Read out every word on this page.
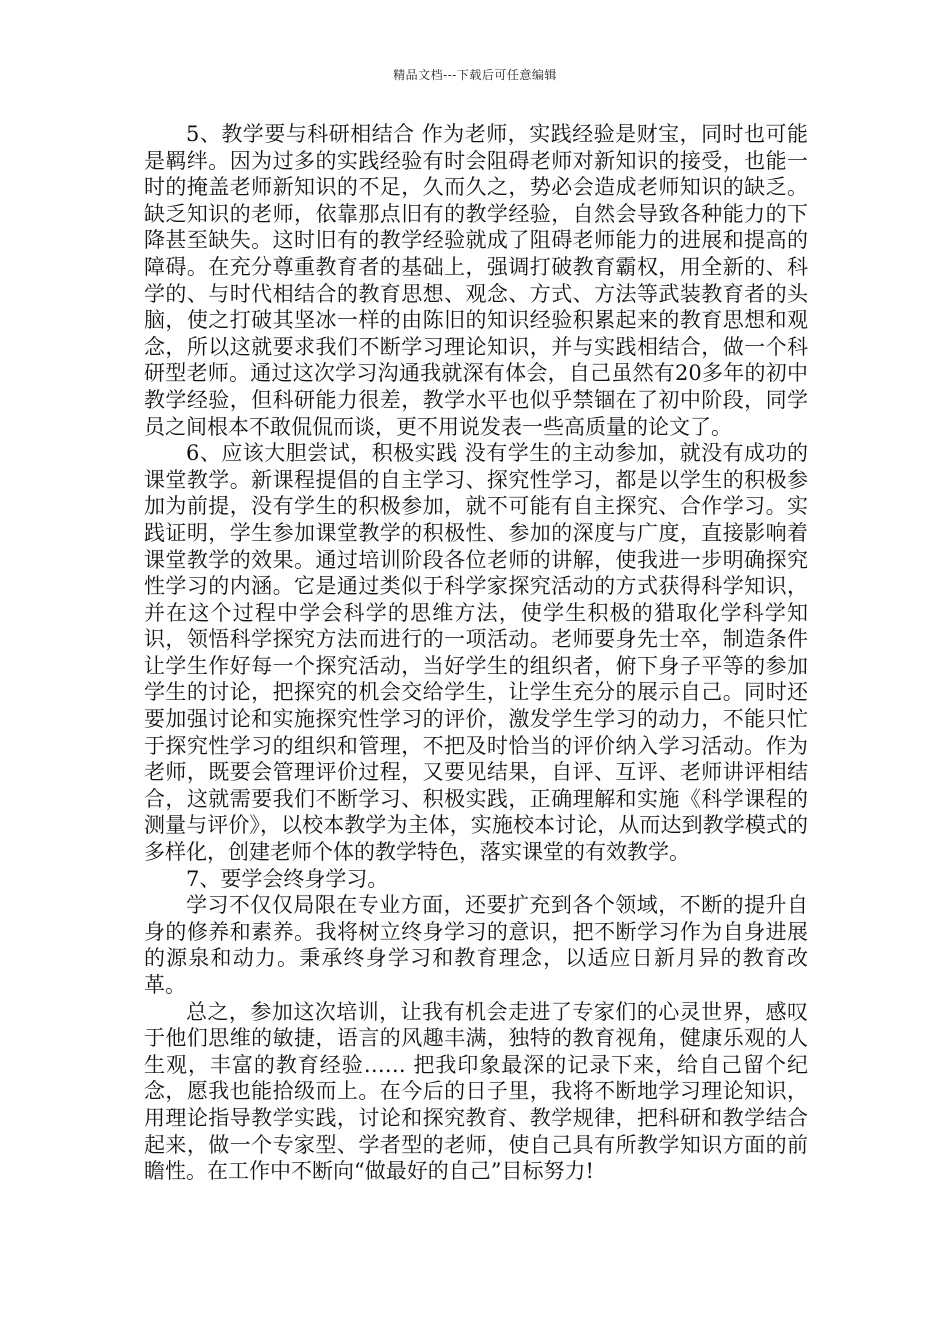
精品文档---下载后可任意编辑

5、教学要与科研相结合 作为老师，实践经验是财宝，同时也可能是羁绊。因为过多的实践经验有时会阻碍老师对新知识的接受，也能一时的掩盖老师新知识的不足，久而久之，势必会造成老师知识的缺乏。缺乏知识的老师，依靠那点旧有的教学经验，自然会导致各种能力的下降甚至缺失。这时旧有的教学经验就成了阻碍老师能力的进展和提高的障碍。在充分尊重教育者的基础上，强调打破教育霸权，用全新的、科学的、与时代相结合的教育思想、观念、方式、方法等武装教育者的头脑，使之打破其坚冰一样的由陈旧的知识经验积累起来的教育思想和观念，所以这就要求我们不断学习理论知识，并与实践相结合，做一个科研型老师。通过这次学习沟通我就深有体会，自己虽然有20多年的初中教学经验，但科研能力很差，教学水平也似乎禁锢在了初中阶段，同学员之间根本不敢侃侃而谈，更不用说发表一些高质量的论文了。

6、应该大胆尝试，积极实践 没有学生的主动参加，就没有成功的课堂教学。新课程提倡的自主学习、探究性学习，都是以学生的积极参加为前提，没有学生的积极参加，就不可能有自主探究、合作学习。实践证明，学生参加课堂教学的积极性、参加的深度与广度，直接影响着课堂教学的效果。通过培训阶段各位老师的讲解，使我进一步明确探究性学习的内涵。它是通过类似于科学家探究活动的方式获得科学知识，并在这个过程中学会科学的思维方法，使学生积极的猎取化学科学知识，领悟科学探究方法而进行的一项活动。老师要身先士卒，制造条件让学生作好每一个探究活动，当好学生的组织者，俯下身子平等的参加学生的讨论，把探究的机会交给学生，让学生充分的展示自己。同时还要加强讨论和实施探究性学习的评价，激发学生学习的动力，不能只忙于探究性学习的组织和管理，不把及时恰当的评价纳入学习活动。作为老师，既要会管理评价过程，又要见结果，自评、互评、老师讲评相结合，这就需要我们不断学习、积极实践，正确理解和实施《科学课程的测量与评价》，以校本教学为主体，实施校本讨论，从而达到教学模式的多样化，创建老师个体的教学特色，落实课堂的有效教学。

7、要学会终身学习。

学习不仅仅局限在专业方面，还要扩充到各个领域，不断的提升自身的修养和素养。我将树立终身学习的意识，把不断学习作为自身进展的源泉和动力。秉承终身学习和教育理念，以适应日新月异的教育改革。

总之，参加这次培训，让我有机会走进了专家们的心灵世界，感叹于他们思维的敏捷，语言的风趣丰满，独特的教育视角，健康乐观的人生观，丰富的教育经验…… 把我印象最深的记录下来，给自己留个纪念，愿我也能拾级而上。在今后的日子里，我将不断地学习理论知识，用理论指导教学实践，讨论和探究教育、教学规律，把科研和教学结合起来，做一个专家型、学者型的老师，使自己具有所教学知识方面的前瞻性。在工作中不断向“做最好的自己”目标努力!
